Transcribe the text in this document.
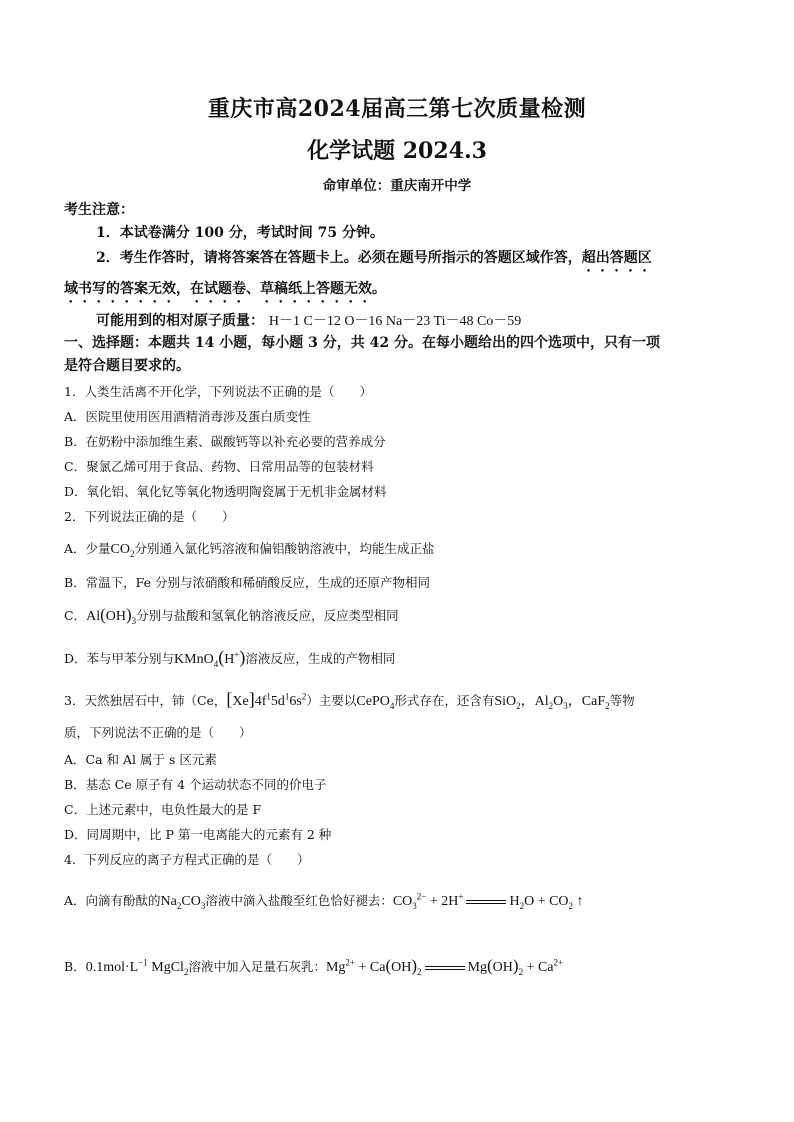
重庆市高2024届高三第七次质量检测
化学试题 2024.3
命审单位：重庆南开中学
考生注意：
1．本试卷满分 100 分，考试时间 75 分钟。
2．考生作答时，请将答案答在答题卡上。必须在题号所指示的答题区域作答，超出答题区
域书写的答案无效，在试题卷、草稿纸上答题无效。
可能用到的相对原子质量： H－1 C－12 O－16 Na－23 Ti－48 Co－59
一、选择题：本题共 14 小题，每小题 3 分，共 42 分。在每小题给出的四个选项中，只有一项
是符合题目要求的。
1．人类生活离不开化学，下列说法不正确的是（　　）
A．医院里使用医用酒精消毒涉及蛋白质变性
B．在奶粉中添加维生素、碳酸钙等以补充必要的营养成分
C．聚氯乙烯可用于食品、药物、日常用品等的包装材料
D．氧化铝、氧化钇等氧化物透明陶瓷属于无机非金属材料
2．下列说法正确的是（　　）
A．少量$CO_2$分别通入氯化钙溶液和偏铝酸钠溶液中，均能生成正盐
B．常温下，Fe 分别与浓硝酸和稀硝酸反应，生成的还原产物相同
C．$Al(OH)_3$分别与盐酸和氢氧化钠溶液反应，反应类型相同
D．苯与甲苯分别与KMnO$_4$(H+)溶液反应，生成的产物相同
3．天然独居石中，铈（Ce，$[Xe]4f^15d^16s^2$）主要以CePO$_4$形式存在，还含有SiO$_2$，$Al_2O_3$，CaF$_2$等物
质，下列说法不正确的是（　　）
A．Ca 和 Al 属于 s 区元素
B．基态 Ce 原子有 4 个运动状态不同的价电子
C．上述元素中，电负性最大的是 F
D．同周期中，比 P 第一电离能大的元素有 2 种
4．下列反应的离子方程式正确的是（　　）
A．向滴有酚酞的$Na_2CO_3$溶液中滴入盐酸至红色恰好褪去：$CO_3^{2-} + 2H^+$	$H_2O + CO_2$ ↑
B．$0.1mol\cdot L^{-1}$ MgCl$_2$溶液中加入足量石灰乳：$Mg^{2+} + Ca(OH)_2$	$Mg(OH)_2 + Ca^{2+}$
